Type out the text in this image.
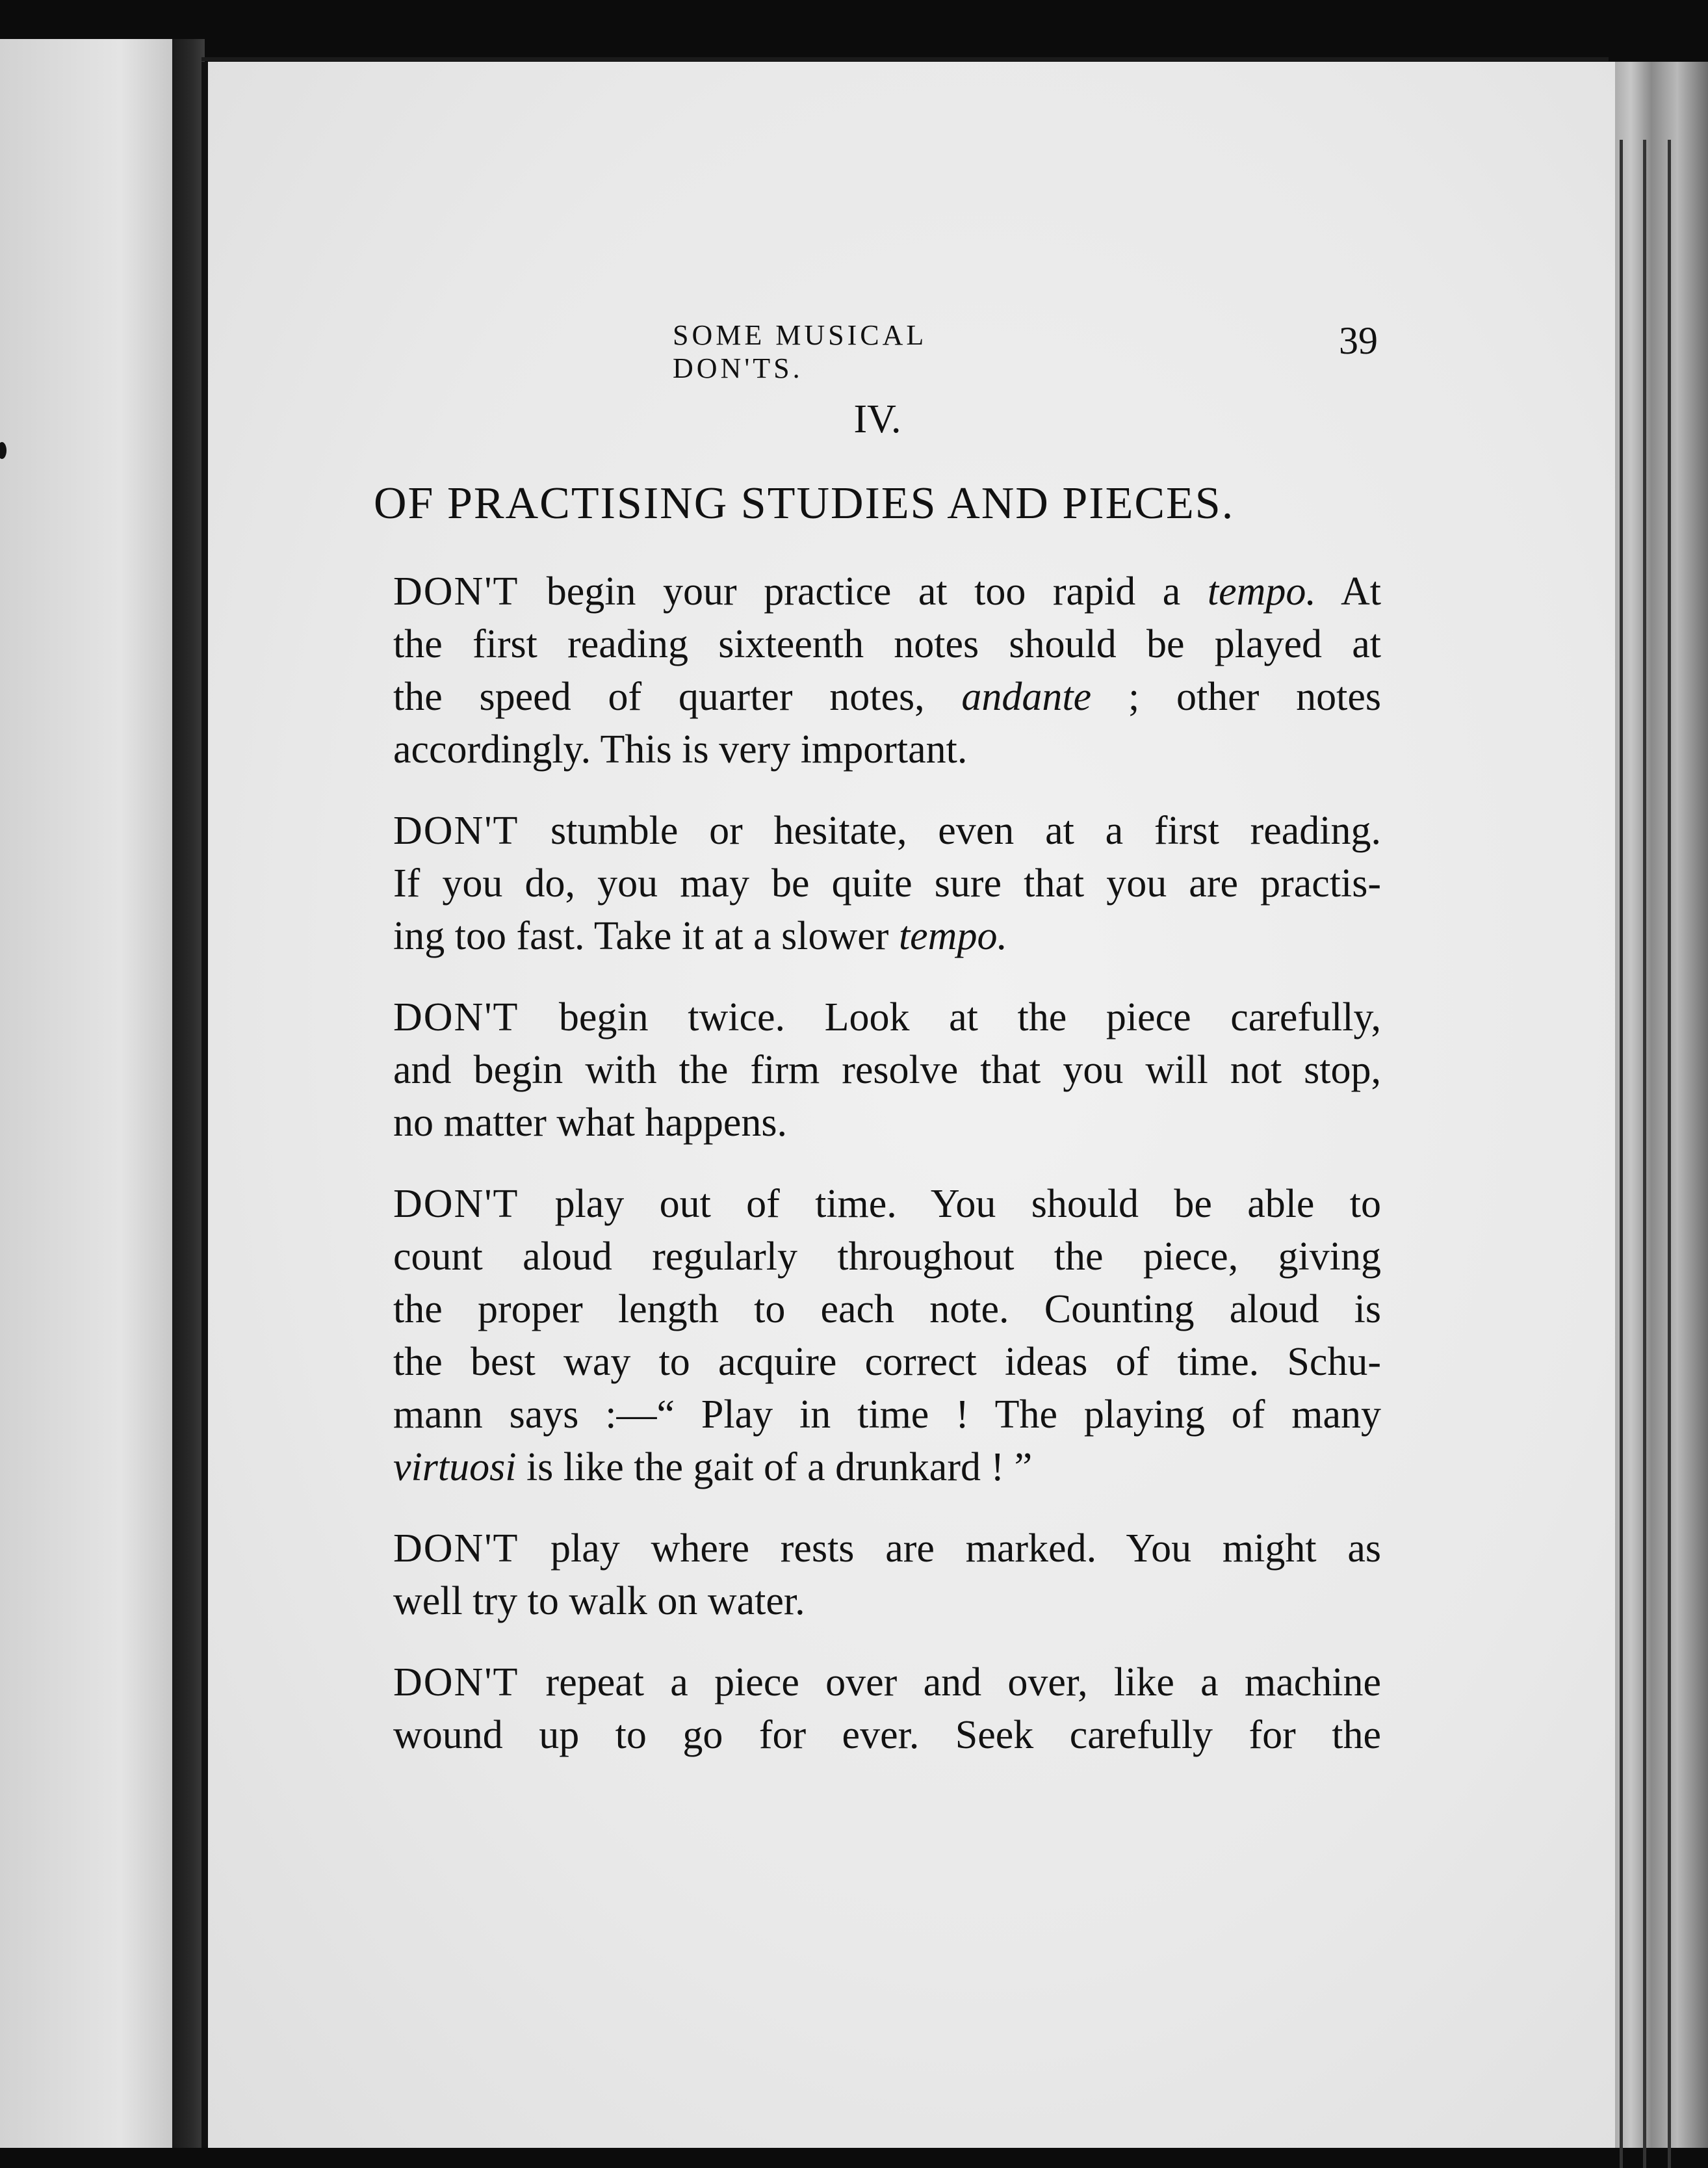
SOME MUSICAL DON'TS.
39
IV.
OF PRACTISING STUDIES AND PIECES.
DON'T begin your practice at too rapid a tempo. At
the first reading sixteenth notes should be played at
the speed of quarter notes, andante ; other notes
accordingly. This is very important.
DON'T stumble or hesitate, even at a first reading.
If you do, you may be quite sure that you are practis-
ing too fast. Take it at a slower tempo.
DON'T begin twice. Look at the piece carefully,
and begin with the firm resolve that you will not stop,
no matter what happens.
DON'T play out of time. You should be able to
count aloud regularly throughout the piece, giving
the proper length to each note. Counting aloud is
the best way to acquire correct ideas of time. Schu-
mann says :—“ Play in time ! The playing of many
virtuosi is like the gait of a drunkard ! ”
DON'T play where rests are marked. You might as
well try to walk on water.
DON'T repeat a piece over and over, like a machine
wound up to go for ever. Seek carefully for the
